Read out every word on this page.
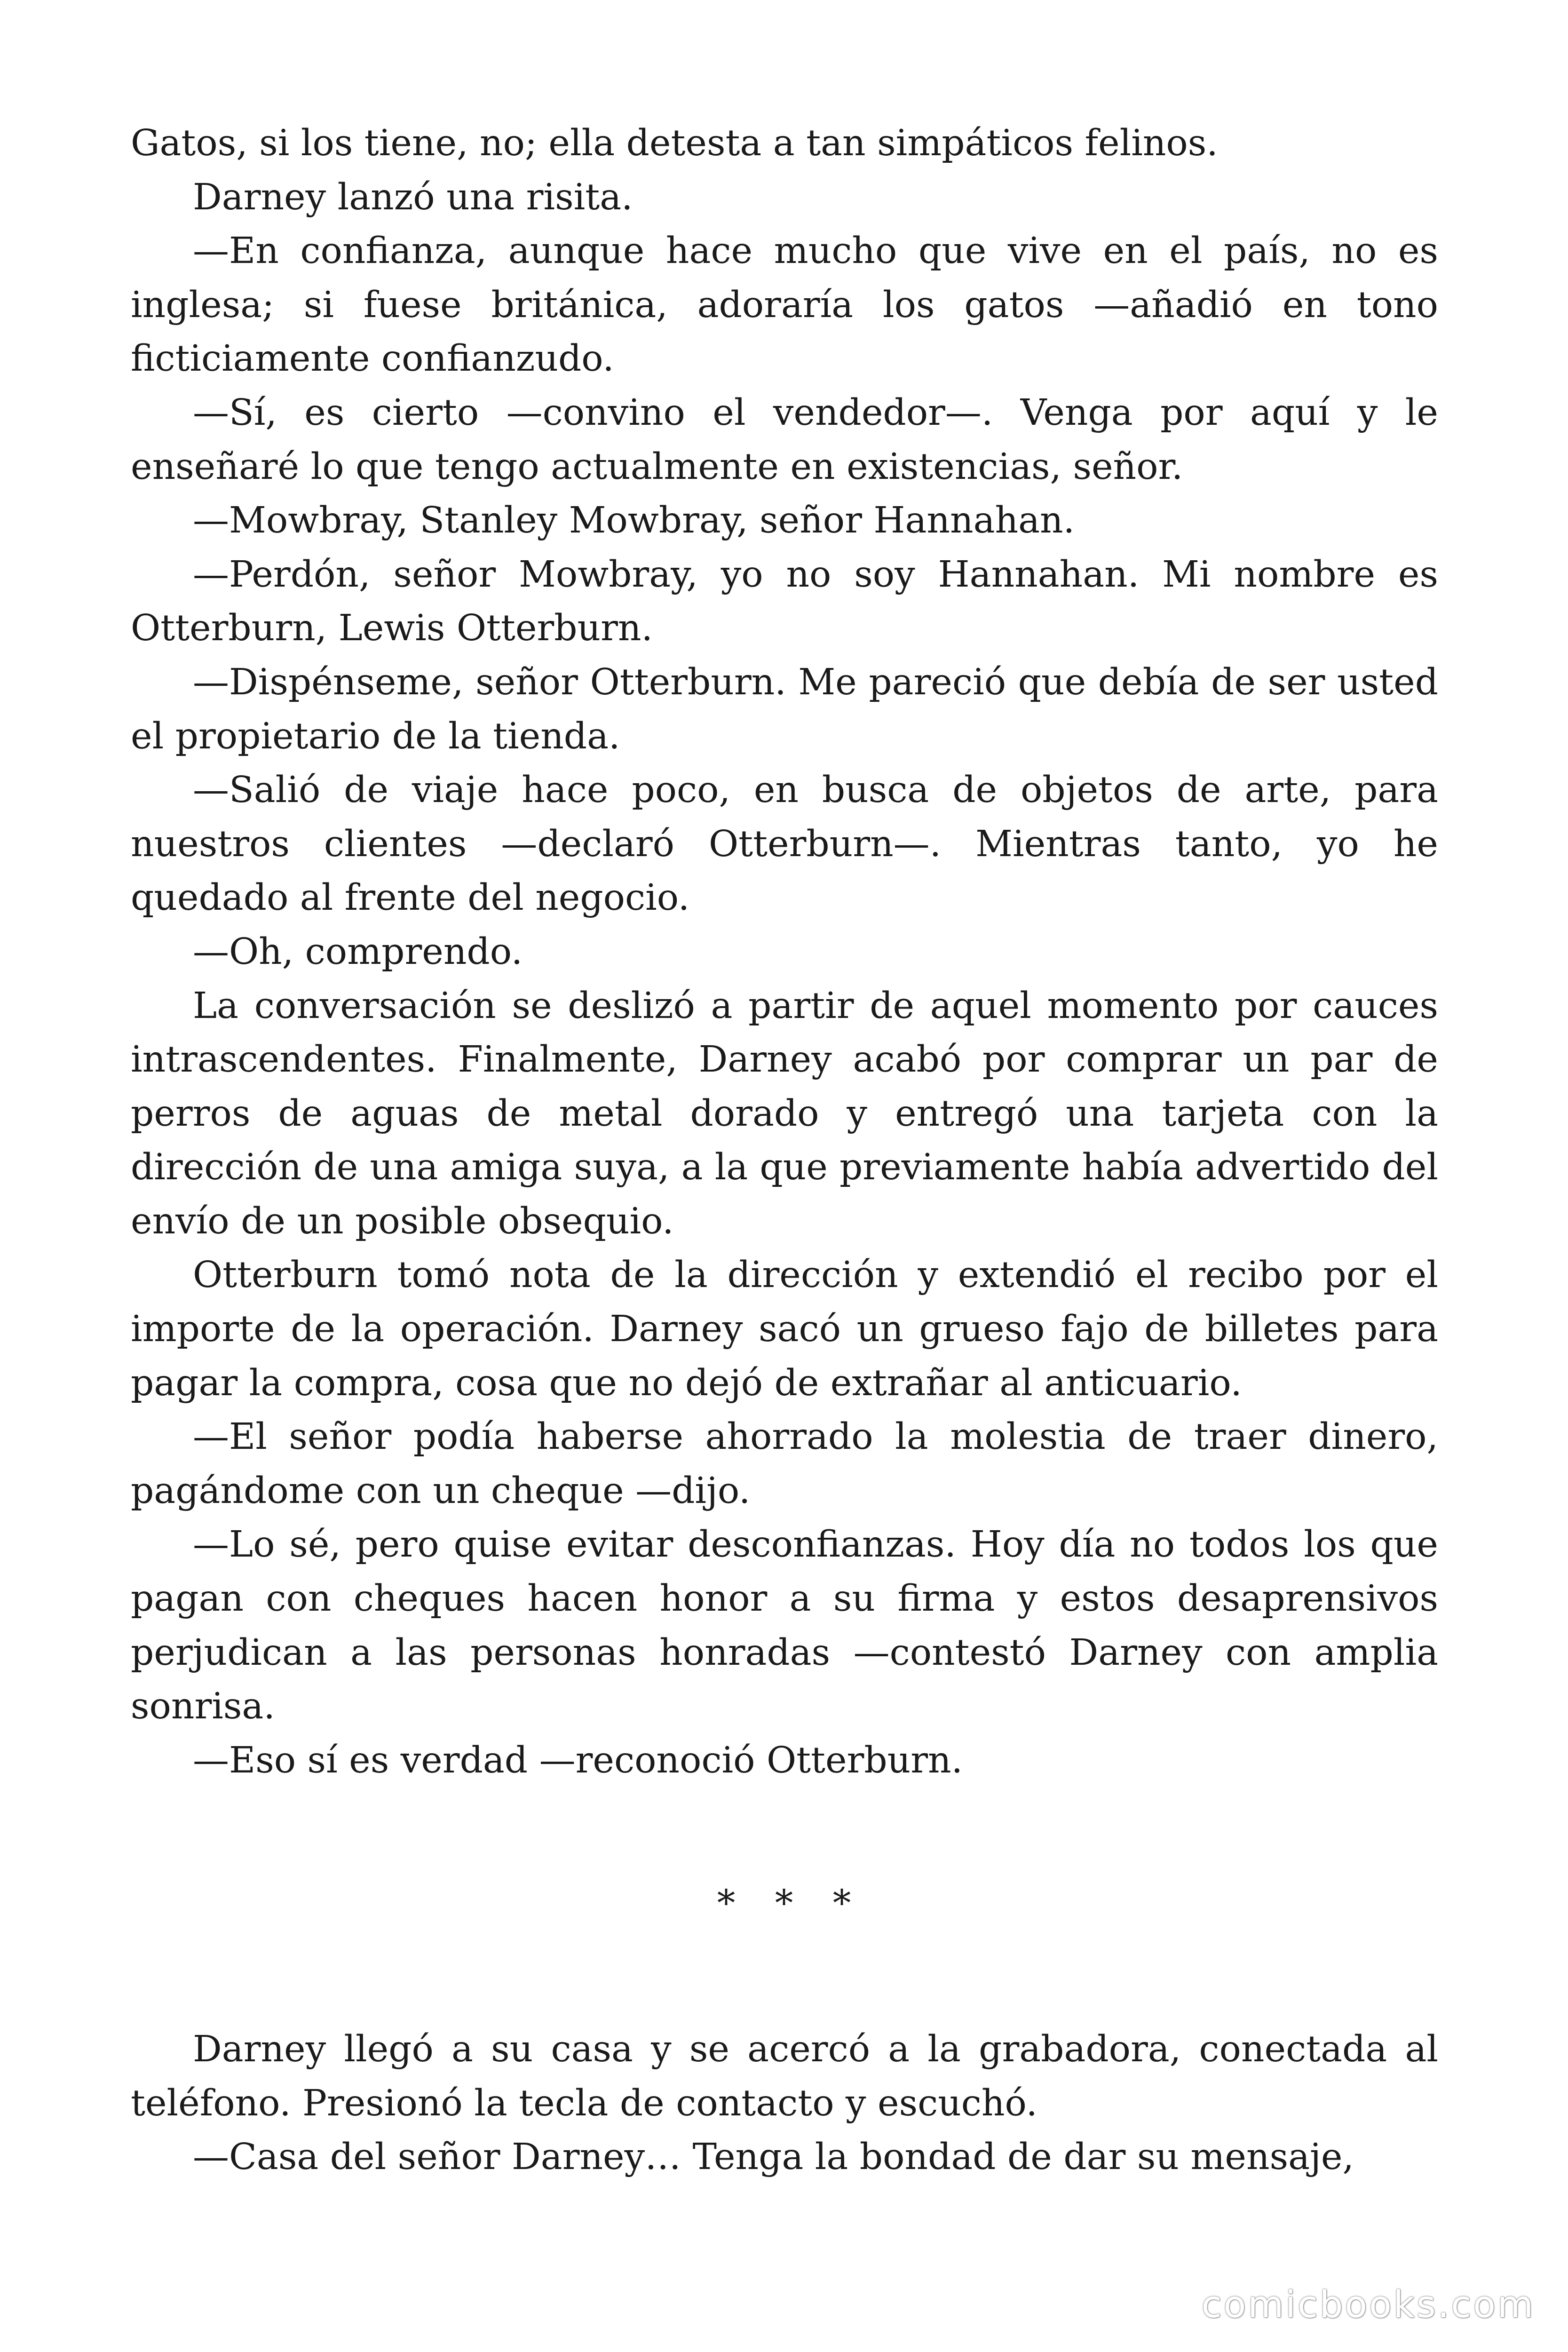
Gatos, si los tiene, no; ella detesta a tan simpáticos felinos.

Darney lanzó una risita.

—En confianza, aunque hace mucho que vive en el país, no es inglesa; si fuese británica, adoraría los gatos —añadió en tono ficticiamente confianzudo.

—Sí, es cierto —convino el vendedor—. Venga por aquí y le enseñaré lo que tengo actualmente en existencias, señor.

—Mowbray, Stanley Mowbray, señor Hannahan.

—Perdón, señor Mowbray, yo no soy Hannahan. Mi nombre es Otterburn, Lewis Otterburn.

—Dispénseme, señor Otterburn. Me pareció que debía de ser usted el propietario de la tienda.

—Salió de viaje hace poco, en busca de objetos de arte, para nuestros clientes —declaró Otterburn—. Mientras tanto, yo he quedado al frente del negocio.

—Oh, comprendo.

La conversación se deslizó a partir de aquel momento por cauces intrascendentes. Finalmente, Darney acabó por comprar un par de perros de aguas de metal dorado y entregó una tarjeta con la dirección de una amiga suya, a la que previamente había advertido del envío de un posible obsequio.

Otterburn tomó nota de la dirección y extendió el recibo por el importe de la operación. Darney sacó un grueso fajo de billetes para pagar la compra, cosa que no dejó de extrañar al anticuario.

—El señor podía haberse ahorrado la molestia de traer dinero, pagándome con un cheque —dijo.

—Lo sé, pero quise evitar desconfianzas. Hoy día no todos los que pagan con cheques hacen honor a su firma y estos desaprensivos perjudican a las personas honradas —contestó Darney con amplia sonrisa.

—Eso sí es verdad —reconoció Otterburn.

* * *

Darney llegó a su casa y se acercó a la grabadora, conectada al teléfono. Presionó la tecla de contacto y escuchó.

—Casa del señor Darney… Tenga la bondad de dar su mensaje,

comicbooks.com
